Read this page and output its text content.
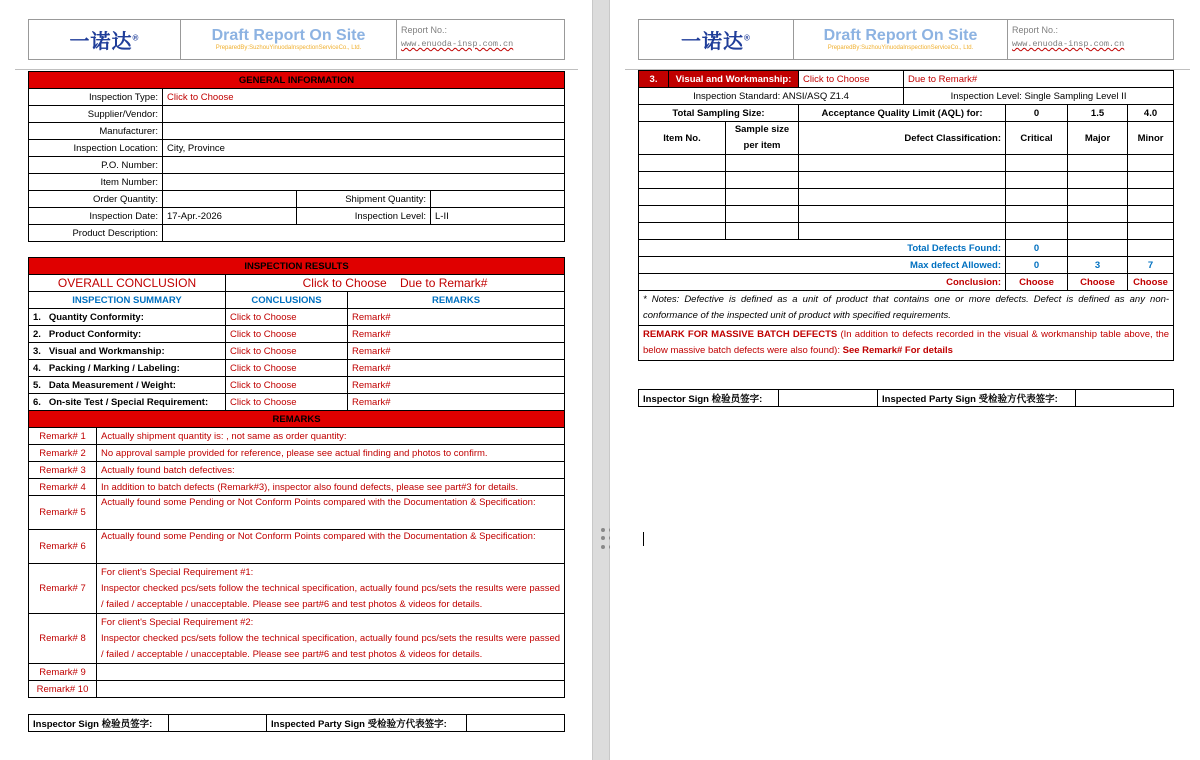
一诺达®	Draft Report On Site
PreparedBy:SuzhouYinuodaInspectionServiceCo., Ltd.

Report No.:
www.enuoda-insp.com.cn
GENERAL INFORMATION			
Inspection Type:	Click to Choose		
Supplier/Vendor:			
Manufacturer:			
Inspection Location:	City, Province		
P.O. Number:			
Item Number:			
Order Quantity:		Shipment Quantity:	
Inspection Date:	17-Apr.-2026	Inspection Level:	L-II
Product Description:			
INSPECTION RESULTS			
OVERALL CONCLUSION		Click to Choose Due to Remark#	
INSPECTION SUMMARY		CONCLUSIONS	REMARKS
1. Quantity Conformity:		Click to Choose	Remark#
2. Product Conformity:		Click to Choose	Remark#
3. Visual and Workmanship:		Click to Choose	Remark#
4. Packing / Marking / Labeling:		Click to Choose	Remark#
5. Data Measurement / Weight:		Click to Choose	Remark#
6. On-site Test / Special Requirement:		Click to Choose	Remark#
REMARKS			
Remark# 1	Actually shipment quantity is: , not same as order quantity:		
Remark# 2	No approval sample provided for reference, please see actual finding and photos to confirm.		
Remark# 3	Actually found batch defectives:		
Remark# 4	In addition to batch defects (Remark#3), inspector also found defects, please see part#3 for details.		
Remark# 5	Actually found some Pending or Not Conform Points compared with the Documentation & Specification:		
Remark# 6	Actually found some Pending or Not Conform Points compared with the Documentation & Specification:		
Remark# 7	For client's Special Requirement #1:
Inspector checked pcs/sets follow the technical specification, actually found pcs/sets the results were passed / failed / acceptable / unacceptable. Please see part#6 and test photos & videos for details.		

Remark# 8	For client's Special Requirement #2:
Inspector checked pcs/sets follow the technical specification, actually found pcs/sets the results were passed / failed / acceptable / unacceptable. Please see part#6 and test photos & videos for details.		

Remark# 9			
Remark# 10			
Inspector Sign 检验员签字:		Inspected Party Sign 受检验方代表签字:	
一诺达®	Draft Report On Site
PreparedBy:SuzhouYinuodaInspectionServiceCo., Ltd.

Report No.:
www.enuoda-insp.com.cn
3.	Visual and Workmanship:		Click to Choose	Due to Remark#			
Inspection Standard: ANSI/ASQ Z1.4				Inspection Level: Single Sampling Level II			
Total Sampling Size:			Acceptance Quality Limit (AQL) for:		0	1.5	4.0
Item No.		Sample size per item	Defect Classification:		Critical	Major	Minor

Total Defects Found:					0		
Max defect Allowed:					0	3	7
Conclusion:					Choose	Choose	Choose
* Notes: Defective is defined as a unit of product that contains one or more defects. Defect is defined as any non-conformance of the inspected unit of product with specified requirements.							
REMARK FOR MASSIVE BATCH DEFECTS (In addition to defects recorded in the visual & workmanship table above, the below massive batch defects were also found): See Remark# For details							
Inspector Sign 检验员签字:		Inspected Party Sign 受检验方代表签字:	
